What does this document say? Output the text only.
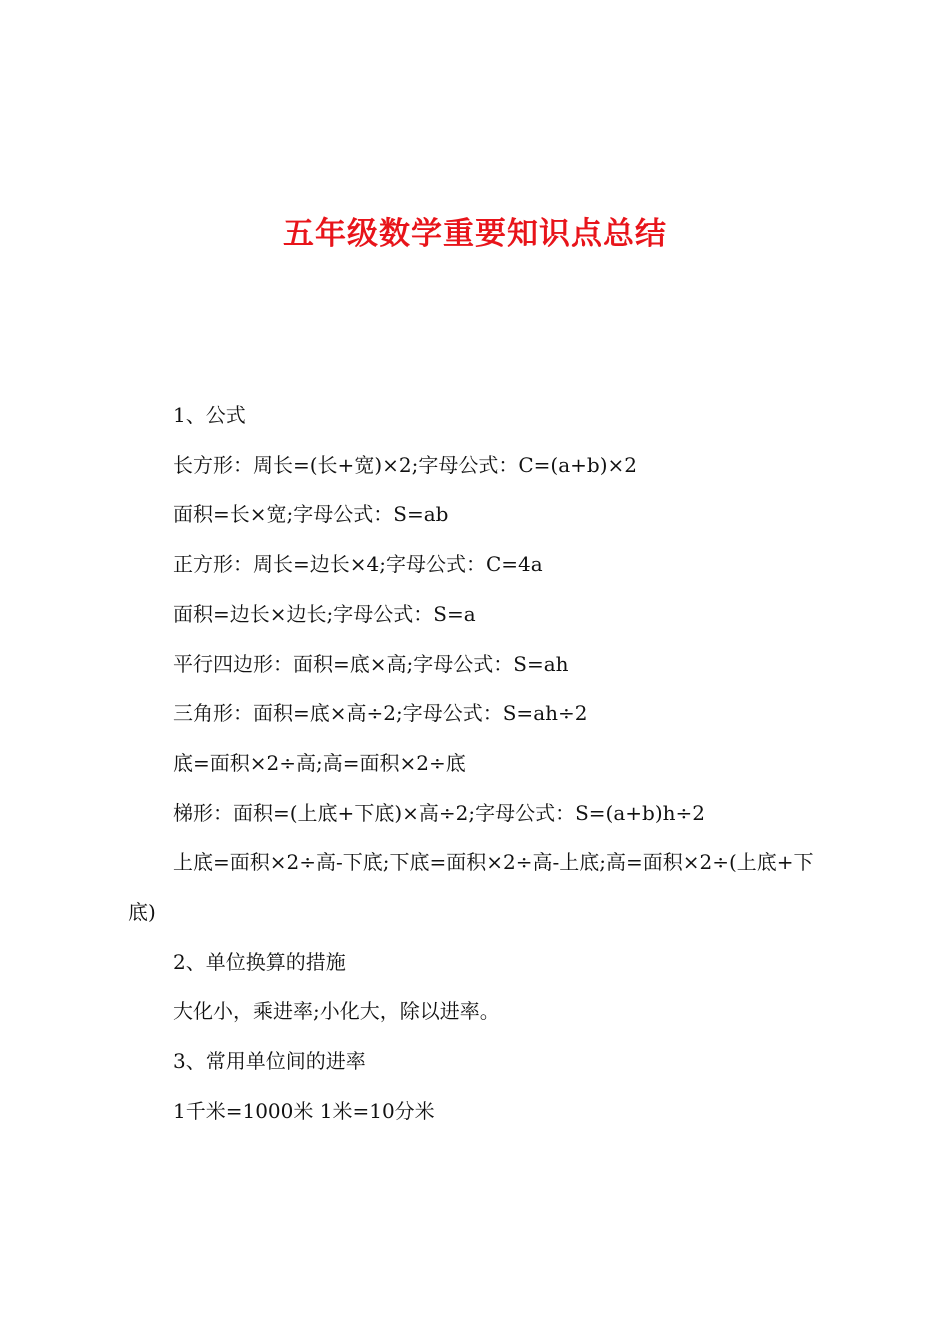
五年级数学重要知识点总结

1、公式

长方形：周长=(长+宽)×2;字母公式：C=(a+b)×2

面积=长×宽;字母公式：S=ab

正方形：周长=边长×4;字母公式：C=4a

面积=边长×边长;字母公式：S=a

平行四边形：面积=底×高;字母公式：S=ah

三角形：面积=底×高÷2;字母公式：S=ah÷2

底=面积×2÷高;高=面积×2÷底

梯形：面积=(上底+下底)×高÷2;字母公式：S=(a+b)h÷2

上底=面积×2÷高-下底;下底=面积×2÷高-上底;高=面积×2÷(上底+下底)

2、单位换算的措施

大化小，乘进率;小化大，除以进率。

3、常用单位间的进率

1千米=1000米 1米=10分米
